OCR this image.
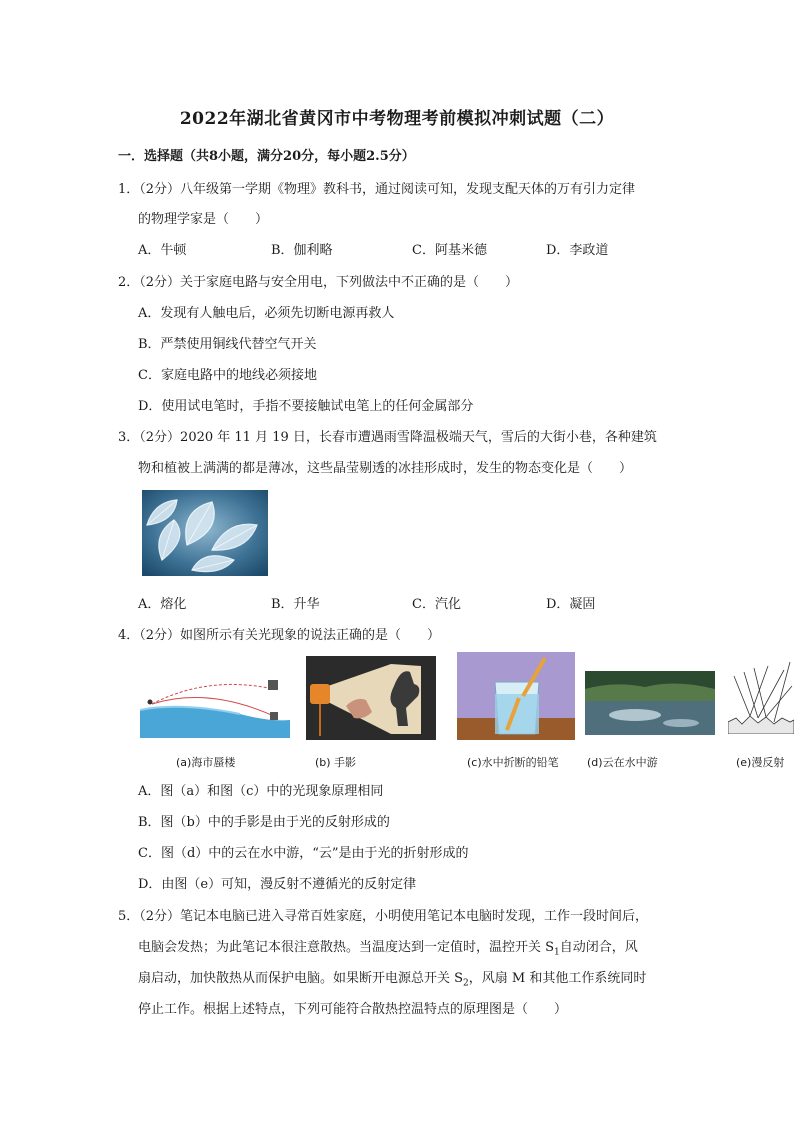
2022年湖北省黄冈市中考物理考前模拟冲刺试题（二）
一．选择题（共8小题，满分20分，每小题2.5分）
1．（2分）八年级第一学期《物理》教科书，通过阅读可知，发现支配天体的万有引力定律
的物理学家是（　　）
A．牛顿	B．伽利略	C．阿基米德	D．李政道
2．（2分）关于家庭电路与安全用电，下列做法中不正确的是（　　）
A．发现有人触电后，必须先切断电源再救人
B．严禁使用铜线代替空气开关
C．家庭电路中的地线必须接地
D．使用试电笔时，手指不要接触试电笔上的任何金属部分
3．（2分）2020 年 11 月 19 日，长春市遭遇雨雪降温极端天气，雪后的大街小巷，各种建筑
物和植被上满满的都是薄冰，这些晶莹剔透的冰挂形成时，发生的物态变化是（　　）
A．熔化	B．升华	C．汽化	D．凝固
4．（2分）如图所示有关光现象的说法正确的是（　　）
(a)海市蜃楼	(b) 手影	(c)水中折断的铅笔	(d)云在水中游	(e)漫反射
A．图（a）和图（c）中的光现象原理相同
B．图（b）中的手影是由于光的反射形成的
C．图（d）中的云在水中游，“云”是由于光的折射形成的
D．由图（e）可知，漫反射不遵循光的反射定律
5．（2分）笔记本电脑已进入寻常百姓家庭，小明使用笔记本电脑时发现，工作一段时间后，
电脑会发热；为此笔记本很注意散热。当温度达到一定值时，温控开关 $S_1$自动闭合，风
扇启动，加快散热从而保护电脑。如果断开电源总开关 $S_2$，风扇 M 和其他工作系统同时
停止工作。根据上述特点，下列可能符合散热控温特点的原理图是（　　）
